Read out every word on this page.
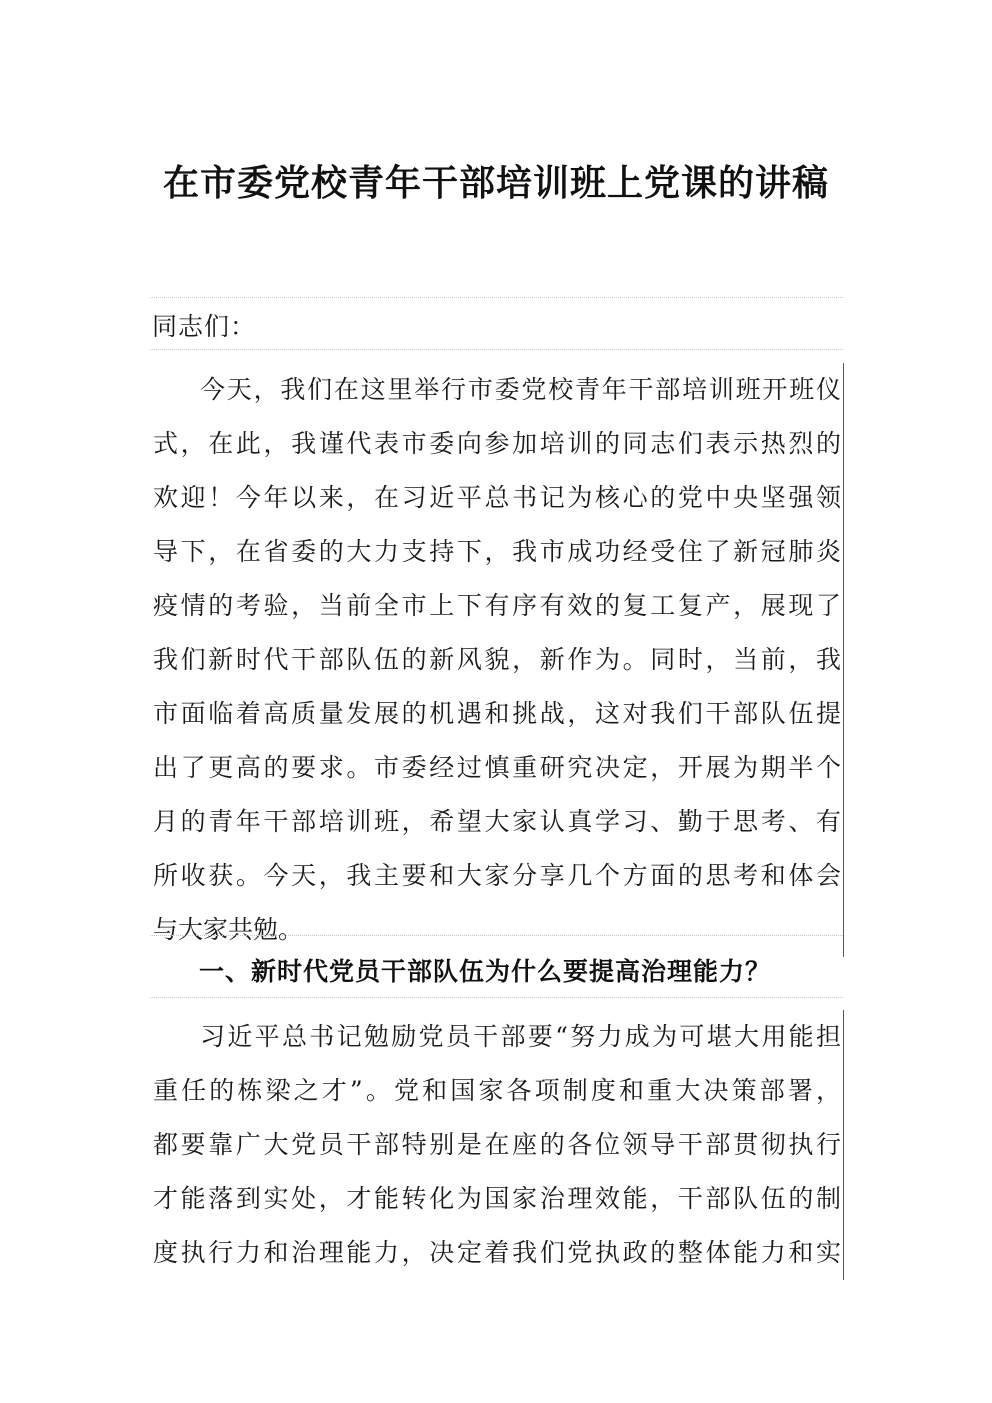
在市委党校青年干部培训班上党课的讲稿
同志们：
今天，我们在这里举行市委党校青年干部培训班开班仪
式，在此，我谨代表市委向参加培训的同志们表示热烈的
欢迎！今年以来，在习近平总书记为核心的党中央坚强领
导下，在省委的大力支持下，我市成功经受住了新冠肺炎
疫情的考验，当前全市上下有序有效的复工复产，展现了
我们新时代干部队伍的新风貌，新作为。同时，当前，我
市面临着高质量发展的机遇和挑战，这对我们干部队伍提
出了更高的要求。市委经过慎重研究决定，开展为期半个
月的青年干部培训班，希望大家认真学习、勤于思考、有
所收获。今天，我主要和大家分享几个方面的思考和体会
与大家共勉。
一、新时代党员干部队伍为什么要提高治理能力？
习近平总书记勉励党员干部要“努力成为可堪大用能担
重任的栋梁之才”。党和国家各项制度和重大决策部署，
都要靠广大党员干部特别是在座的各位领导干部贯彻执行
才能落到实处，才能转化为国家治理效能，干部队伍的制
度执行力和治理能力，决定着我们党执政的整体能力和实
